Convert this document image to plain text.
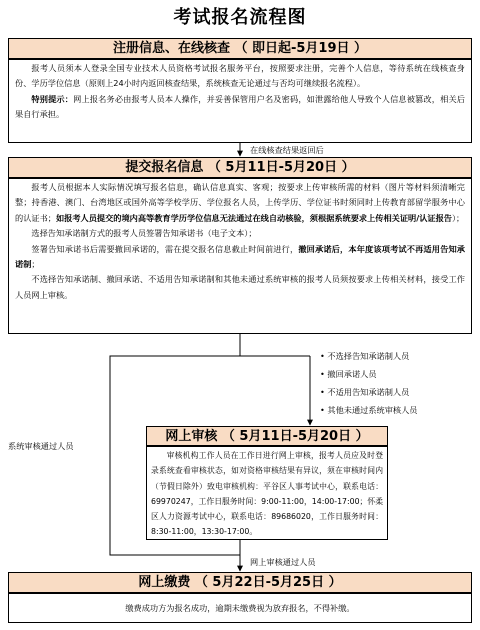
考试报名流程图
注册信息、在线核查 （ 即日起-5月19日 ）

报考人员须本人登录全国专业技术人员资格考试报名服务平台，按照要求注册，完善个人信息，等待系统在线核查身份、学历学位信息（原则上24小时内返回核查结果，系统核查无论通过与否均可继续报名流程）。

特别提示：网上报名务必由报考人员本人操作，并妥善保管用户名及密码，如泄露给他人导致个人信息被篡改，相关后果自行承担。

在线核查结果返回后
提交报名信息 （ 5月11日-5月20日 ）

报考人员根据本人实际情况填写报名信息，确认信息真实、客观；按要求上传审核所需的材料（图片等材料须清晰完整；持香港、澳门、台湾地区或国外高等学校学历、学位报名人员，上传学历、学位证书时须同时上传教育部留学服务中心的认证书；如报考人员提交的境内高等教育学历学位信息无法通过在线自动核验，须根据系统要求上传相关证明/认证报告）；

选择告知承诺制方式的报考人员签署告知承诺书（电子文本）；

签署告知承诺书后需要撤回承诺的，需在提交报名信息截止时间前进行，撤回承诺后，本年度该项考试不再适用告知承诺制；

不选择告知承诺制、撤回承诺、不适用告知承诺制和其他未通过系统审核的报考人员须按要求上传相关材料，接受工作人员网上审核。

• 不选择告知承诺制人员
• 撤回承诺人员
• 不适用告知承诺制人员
• 其他未通过系统审核人员
系统审核通过人员
网上审核 （ 5月11日-5月20日 ）

审核机构工作人员在工作日进行网上审核，报考人员应及时登录系统查看审核状态，如对资格审核结果有异议，须在审核时间内（节假日除外）致电审核机构：平谷区人事考试中心，联系电话：69970247，工作日服务时间：9:00-11:00，14:00-17:00；怀柔区人力资源考试中心，联系电话：89686020，工作日服务时间：8:30-11:00，13:30-17:00。

网上审核通过人员
网上缴费 （ 5月22日-5月25日 ）
缴费成功方为报名成功，逾期未缴费视为放弃报名，不得补缴。
